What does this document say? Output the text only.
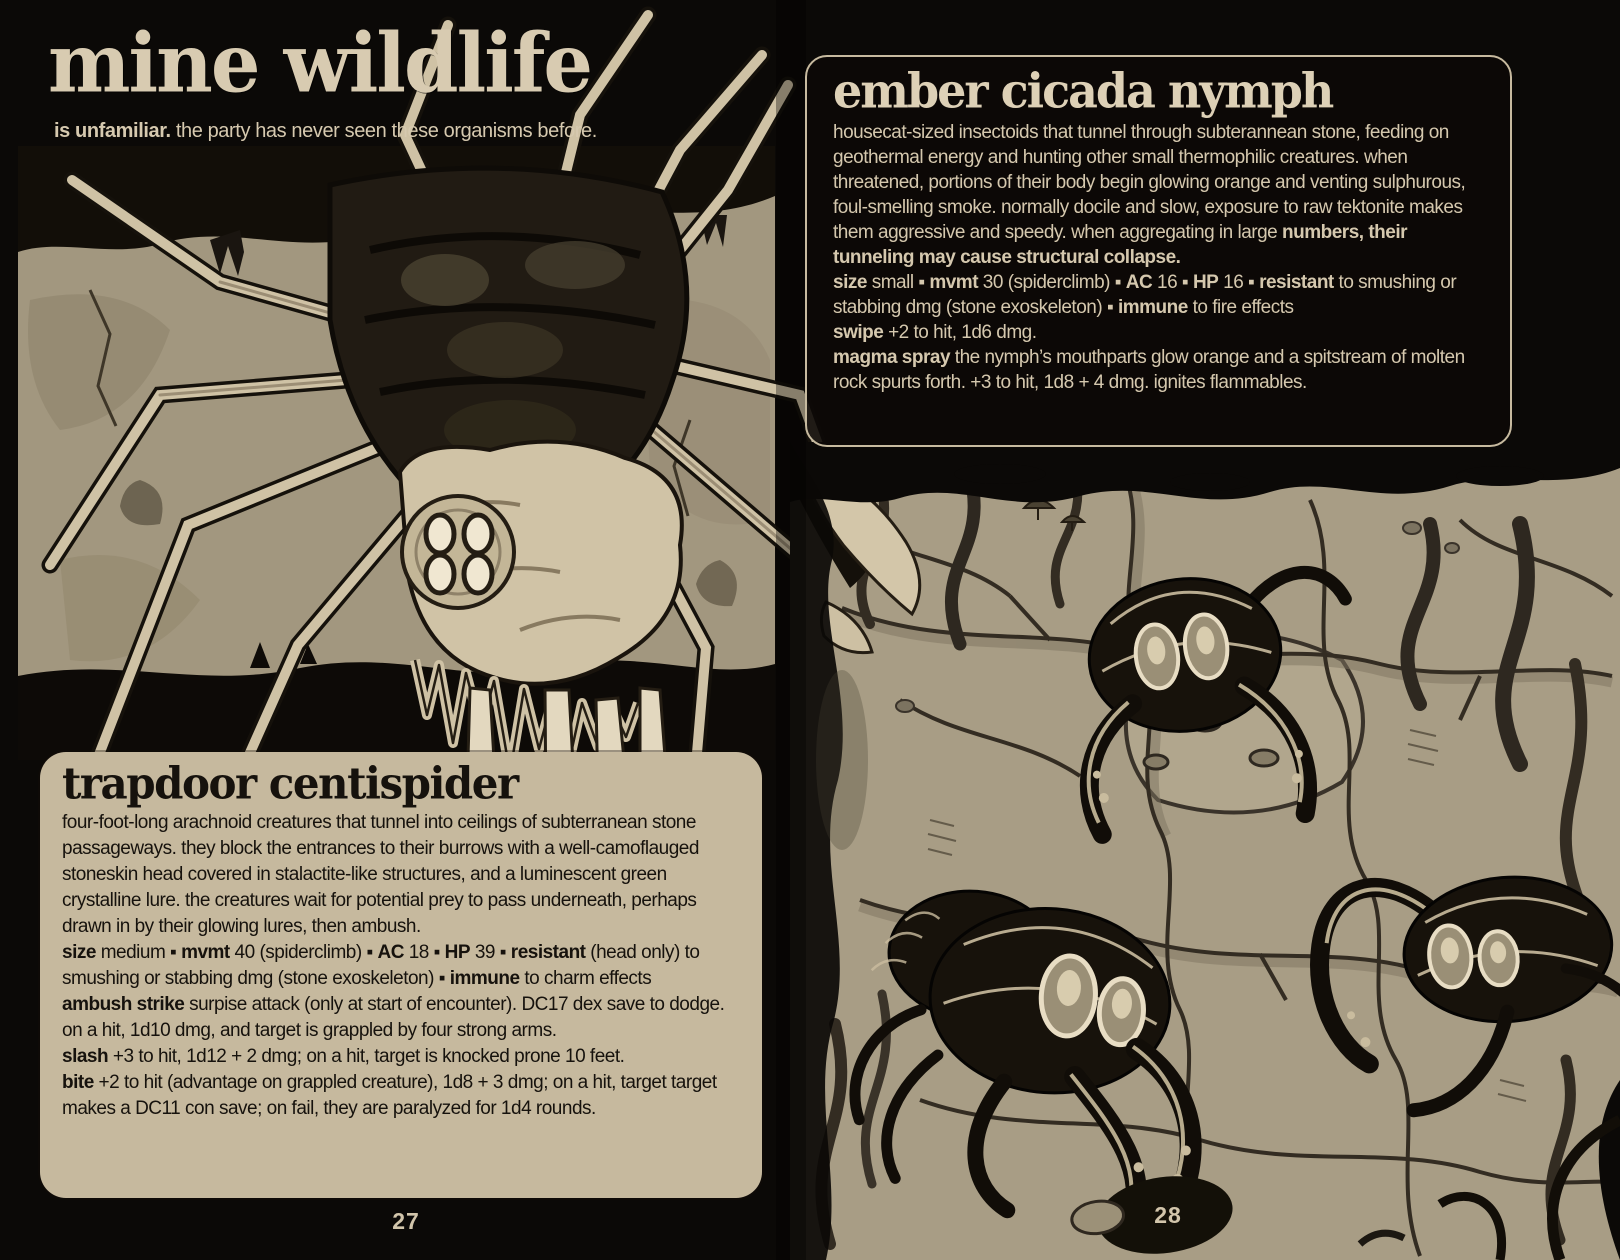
mine wildlife

is unfamiliar. the party has never seen these organisms before.

ember cicada nymph

housecat-sized insectoids that tunnel through subterannean stone, feeding on geothermal energy and hunting other small thermophilic creatures. when threatened, portions of their body begin glowing orange and venting sulphurous, foul-smelling smoke. normally docile and slow, exposure to raw tektonite makes them aggressive and speedy. when aggregating in large numbers, their tunneling may cause structural collapse.

size small ▪ mvmt 30 (spiderclimb) ▪ AC 16 ▪ HP 16 ▪ resistant to smushing or stabbing dmg (stone exoskeleton) ▪ immune to fire effects

swipe +2 to hit, 1d6 dmg.

magma spray the nymph’s mouthparts glow orange and a spitstream of molten rock spurts forth. +3 to hit, 1d8 + 4 dmg. ignites flammables.

trapdoor centispider

four-foot-long arachnoid creatures that tunnel into ceilings of subterranean stone passageways. they block the entrances to their burrows with a well-camoflauged stoneskin head covered in stalactite-like structures, and a luminescent green crystalline lure. the creatures wait for potential prey to pass underneath, perhaps drawn in by their glowing lures, then ambush.

size medium ▪ mvmt 40 (spiderclimb) ▪ AC 18 ▪ HP 39 ▪ resistant (head only) to smushing or stabbing dmg (stone exoskeleton) ▪ immune to charm effects

ambush strike surpise attack (only at start of encounter). DC17 dex save to dodge. on a hit, 1d10 dmg, and target is grappled by four strong arms.

slash +3 to hit, 1d12 + 2 dmg; on a hit, target is knocked prone 10 feet.

bite +2 to hit (advantage on grappled creature), 1d8 + 3 dmg; on a hit, target target makes a DC11 con save; on fail, they are paralyzed for 1d4 rounds.

27	28
